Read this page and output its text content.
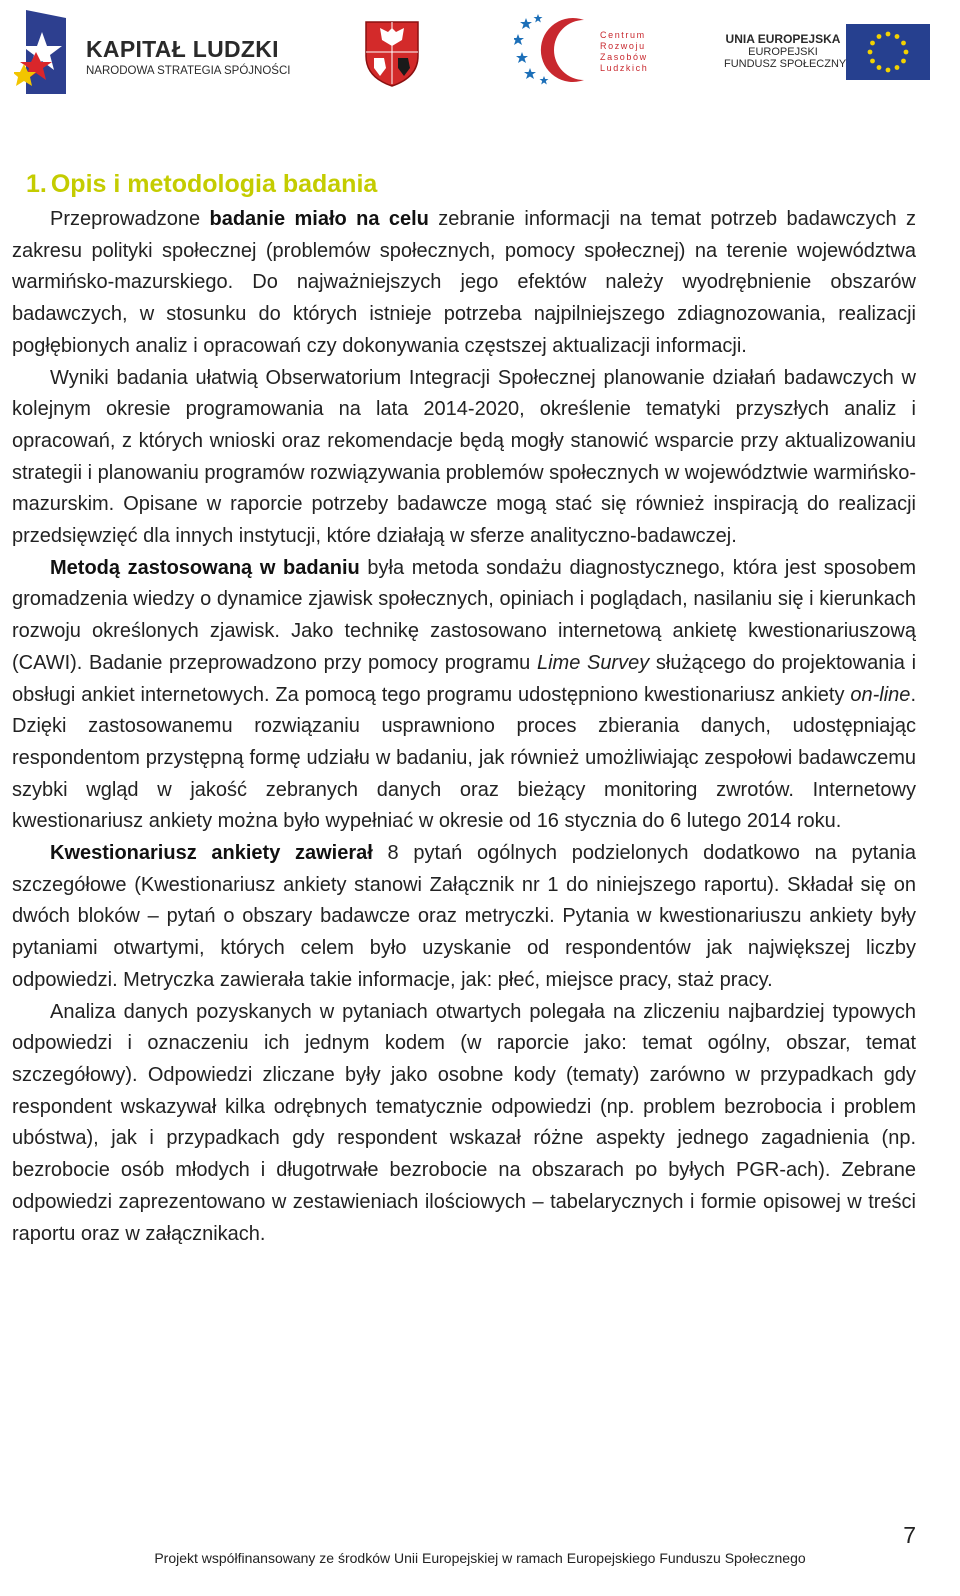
KAPITAŁ LUDZKI
NARODOWA STRATEGIA SPÓJNOŚCI
Centrum
Rozwoju
Zasobów
Ludzkich
UNIA EUROPEJSKA
EUROPEJSKI
FUNDUSZ SPOŁECZNY
1. Opis i metodologia badania

Przeprowadzone badanie miało na celu zebranie informacji na temat potrzeb badawczych z zakresu polityki społecznej (problemów społecznych, pomocy społecznej) na terenie województwa warmińsko-mazurskiego. Do najważniejszych jego efektów należy wyodrębnienie obszarów badawczych, w stosunku do których istnieje potrzeba najpilniejszego zdiagnozowania, realizacji pogłębionych analiz i opracowań czy dokonywania częstszej aktualizacji informacji.

Wyniki badania ułatwią Obserwatorium Integracji Społecznej planowanie działań badawczych w kolejnym okresie programowania na lata 2014-2020, określenie tematyki przyszłych analiz i opracowań, z których wnioski oraz rekomendacje będą mogły stanowić wsparcie przy aktualizowaniu strategii i planowaniu programów rozwiązywania problemów społecznych w województwie warmińsko-mazurskim. Opisane w raporcie potrzeby badawcze mogą stać się również inspiracją do realizacji przedsięwzięć dla innych instytucji, które działają w sferze analityczno-badawczej.

Metodą zastosowaną w badaniu była metoda sondażu diagnostycznego, która jest sposobem gromadzenia wiedzy o dynamice zjawisk społecznych, opiniach i poglądach, nasilaniu się i kierunkach rozwoju określonych zjawisk. Jako technikę zastosowano internetową ankietę kwestionariuszową (CAWI). Badanie przeprowadzono przy pomocy programu Lime Survey służącego do projektowania i obsługi ankiet internetowych. Za pomocą tego programu udostępniono kwestionariusz ankiety on-line. Dzięki zastosowanemu rozwiązaniu usprawniono proces zbierania danych, udostępniając respondentom przystępną formę udziału w badaniu, jak również umożliwiając zespołowi badawczemu szybki wgląd w jakość zebranych danych oraz bieżący monitoring zwrotów. Internetowy kwestionariusz ankiety można było wypełniać w okresie od 16 stycznia do 6 lutego 2014 roku.

Kwestionariusz ankiety zawierał 8 pytań ogólnych podzielonych dodatkowo na pytania szczegółowe (Kwestionariusz ankiety stanowi Załącznik nr 1 do niniejszego raportu). Składał się on dwóch bloków – pytań o obszary badawcze oraz metryczki. Pytania w kwestionariuszu ankiety były pytaniami otwartymi, których celem było uzyskanie od respondentów jak największej liczby odpowiedzi. Metryczka zawierała takie informacje, jak: płeć, miejsce pracy, staż pracy.

Analiza danych pozyskanych w pytaniach otwartych polegała na zliczeniu najbardziej typowych odpowiedzi i oznaczeniu ich jednym kodem (w raporcie jako: temat ogólny, obszar, temat szczegółowy). Odpowiedzi zliczane były jako osobne kody (tematy) zarówno w przypadkach gdy respondent wskazywał kilka odrębnych tematycznie odpowiedzi (np. problem bezrobocia i problem ubóstwa), jak i przypadkach gdy respondent wskazał różne aspekty jednego zagadnienia (np. bezrobocie osób młodych i długotrwałe bezrobocie na obszarach po byłych PGR-ach). Zebrane odpowiedzi zaprezentowano w zestawieniach ilościowych – tabelarycznych i formie opisowej w treści raportu oraz w załącznikach.

7
Projekt współfinansowany ze środków Unii Europejskiej w ramach Europejskiego Funduszu Społecznego
